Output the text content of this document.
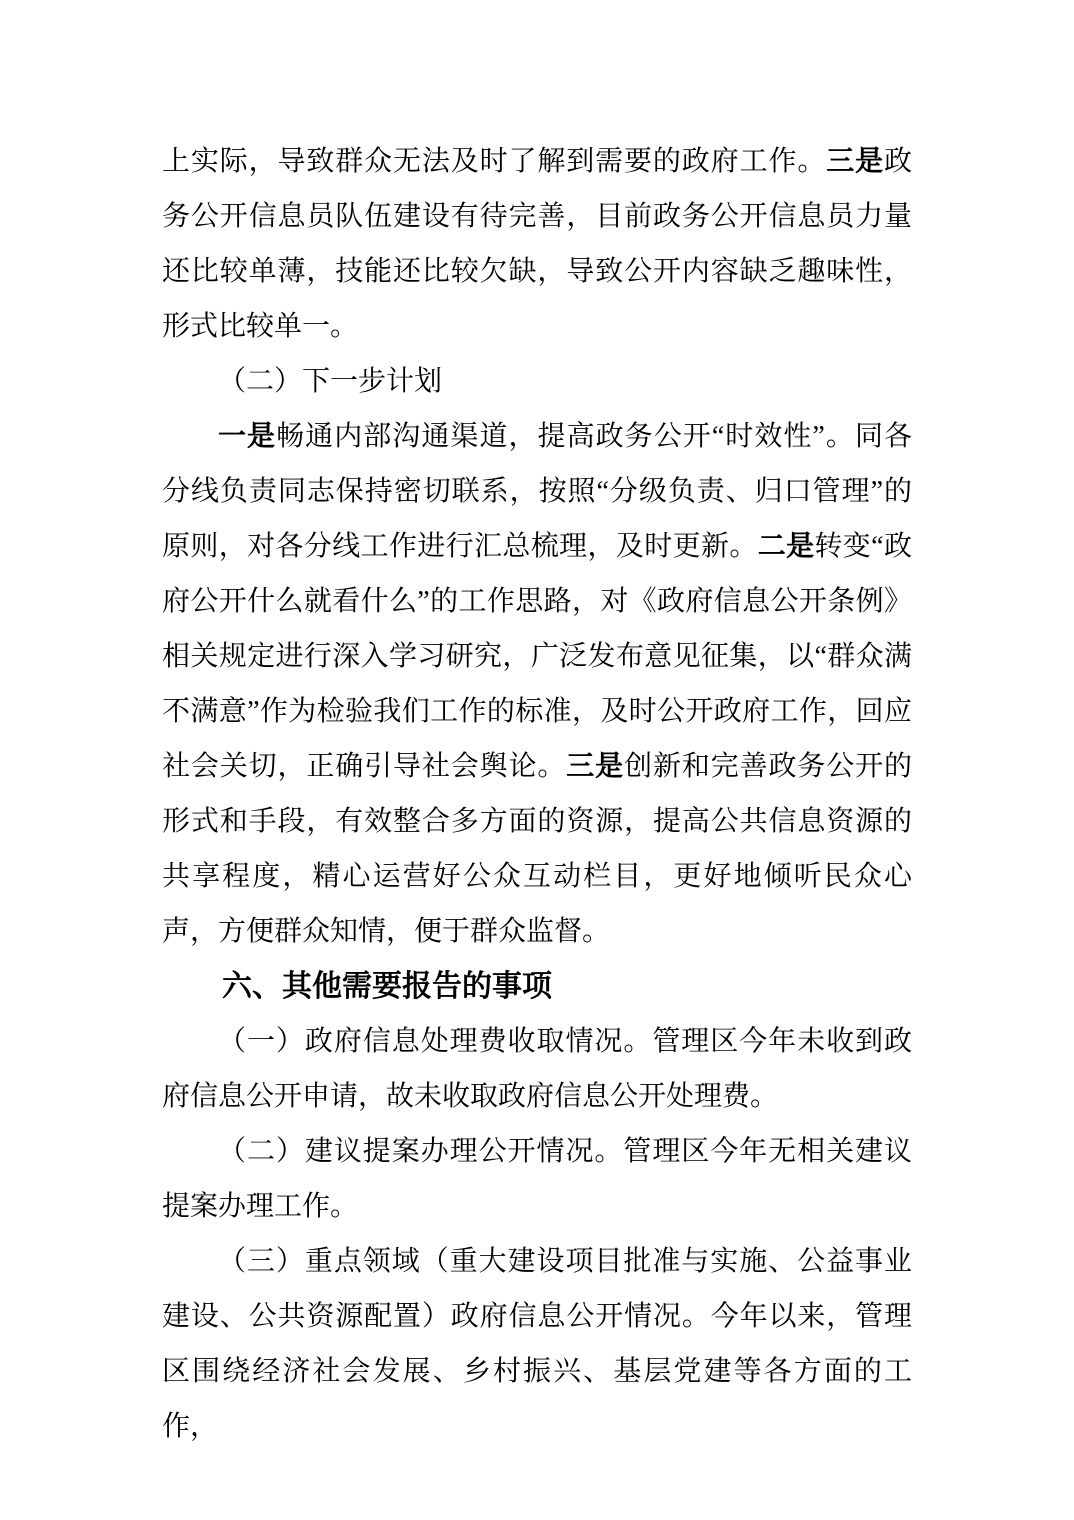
上实际，导致群众无法及时了解到需要的政府工作。三是政务公开信息员队伍建设有待完善，目前政务公开信息员力量还比较单薄，技能还比较欠缺，导致公开内容缺乏趣味性，形式比较单一。

（二）下一步计划

一是畅通内部沟通渠道，提高政务公开“时效性”。同各分线负责同志保持密切联系，按照“分级负责、归口管理”的原则，对各分线工作进行汇总梳理，及时更新。二是转变“政府公开什么就看什么”的工作思路，对《政府信息公开条例》相关规定进行深入学习研究，广泛发布意见征集，以“群众满不满意”作为检验我们工作的标准，及时公开政府工作，回应社会关切，正确引导社会舆论。三是创新和完善政务公开的形式和手段，有效整合多方面的资源，提高公共信息资源的共享程度，精心运营好公众互动栏目，更好地倾听民众心声，方便群众知情，便于群众监督。

六、其他需要报告的事项

（一）政府信息处理费收取情况。管理区今年未收到政府信息公开申请，故未收取政府信息公开处理费。

（二）建议提案办理公开情况。管理区今年无相关建议提案办理工作。

（三）重点领域（重大建设项目批准与实施、公益事业建设、公共资源配置）政府信息公开情况。今年以来，管理区围绕经济社会发展、乡村振兴、基层党建等各方面的工作，
